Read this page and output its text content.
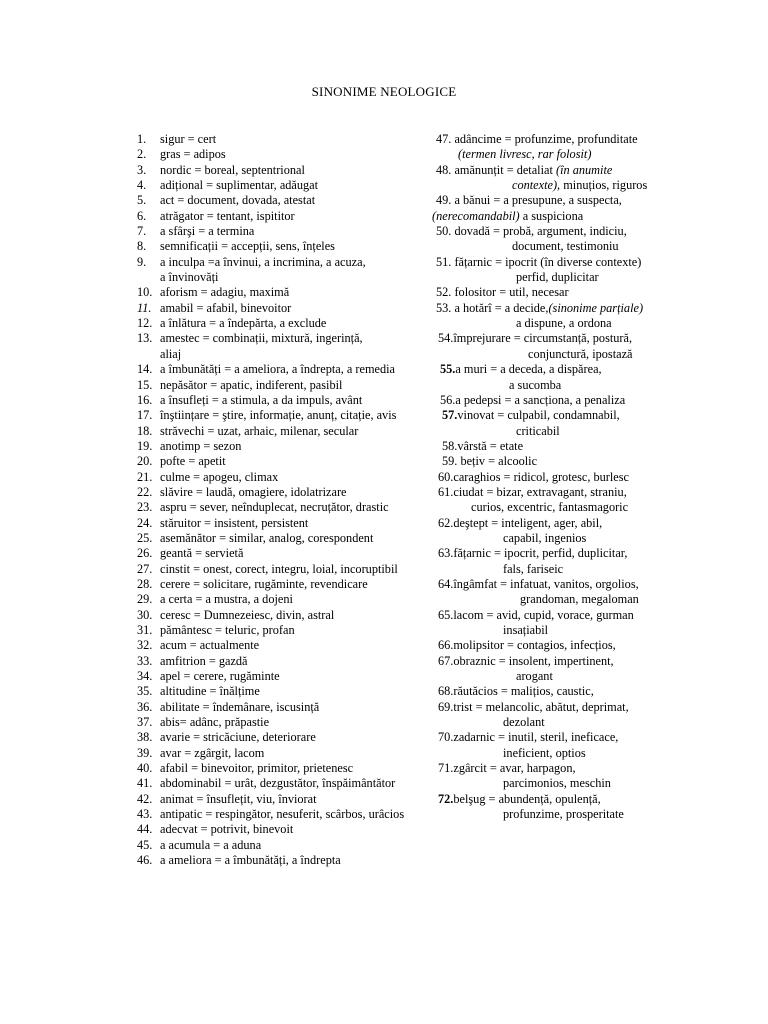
SINONIME NEOLOGICE
1. sigur = cert
2. gras = adipos
3. nordic = boreal, septentrional
4. adițional = suplimentar, adăugat
5. act = document, dovada, atestat
6. atrăgator = tentant, ispititor
7. a sfârşi = a termina
8. semnificații = accepții, sens, înțeles
9. a inculpa =a învinui, a incrimina, a acuza,
a învinovăți
10. aforism = adagiu, maximă
11. amabil = afabil, binevoitor
12. a înlătura = a îndepărta, a exclude
13. amestec = combinații, mixtură, ingerință,
aliaj
14. a îmbunătăți = a ameliora, a îndrepta, a remedia
15. nepăsător = apatic, indiferent, pasibil
16. a însufleți = a stimula, a da impuls, avânt
17. înştiințare = ştire, informație, anunț, citație, avis
18. străvechi = uzat, arhaic, milenar, secular
19. anotimp = sezon
20. pofte = apetit
21. culme = apogeu, climax
22. slăvire = laudă, omagiere, idolatrizare
23. aspru = sever, neînduplecat, necruțător, drastic
24. stăruitor = insistent, persistent
25. asemănător = similar, analog, corespondent
26. geantă = servietă
27. cinstit = onest, corect, integru, loial, incoruptibil
28. cerere = solicitare, rugăminte, revendicare
29. a certa = a mustra, a dojeni
30. ceresc = Dumnezeiesc, divin, astral
31. pământesc = teluric, profan
32. acum = actualmente
33. amfitrion = gazdă
34. apel = cerere, rugăminte
35. altitudine = înălțime
36. abilitate = îndemânare, iscusință
37. abis= adânc, prăpastie
38. avarie = stricăciune, deteriorare
39. avar = zgârgit, lacom
40. afabil = binevoitor, primitor, prietenesc
41. abdominabil = urât, dezgustător, înspăimântător
42. animat = însuflețit, viu, înviorat
43. antipatic = respingător, nesuferit, scârbos, urâcios
44. adecvat = potrivit, binevoit
45. a acumula = a aduna
46. a ameliora = a îmbunătăți, a îndrepta
47. adâncime = profunzime, profunditate
(termen livresc, rar folosit)
48. amănunțit = detaliat (în anumite
contexte), minuțios, riguros
49. a bănui = a presupune, a suspecta,
(nerecomandabil) a suspiciona
50. dovadă = probă, argument, indiciu,
document, testimoniu
51. fățarnic = ipocrit (în diverse contexte)
perfid, duplicitar
52. folositor = util, necesar
53. a hotărî = a decide,(sinonime parțiale)
a dispune, a ordona
54.împrejurare = circumstanță, postură,
conjunctură, ipostază
55.a muri = a deceda, a dispărea,
a sucomba
56.a pedepsi = a sancționa, a penaliza
57.vinovat = culpabil, condamnabil,
criticabil
58.vârstă = etate
59. bețiv = alcoolic
60.caraghios = ridicol, grotesc, burlesc
61.ciudat = bizar, extravagant, straniu,
curios, excentric, fantasmagoric
62.deştept = inteligent, ager, abil,
capabil, ingenios
63.fățarnic = ipocrit, perfid, duplicitar,
fals, fariseic
64.îngâmfat = infatuat, vanitos, orgolios,
grandoman, megaloman
65.lacom = avid, cupid, vorace, gurman
insațiabil
66.molipsitor = contagios, infecțios,
67.obraznic = insolent, impertinent,
arogant
68.răutăcios = malițios, caustic,
69.trist = melancolic, abătut, deprimat,
dezolant
70.zadarnic = inutil, steril, ineficace,
ineficient, optios
71.zgârcit = avar, harpagon,
parcimonios, meschin
72.belşug = abundență, opulență,
profunzime, prosperitate
